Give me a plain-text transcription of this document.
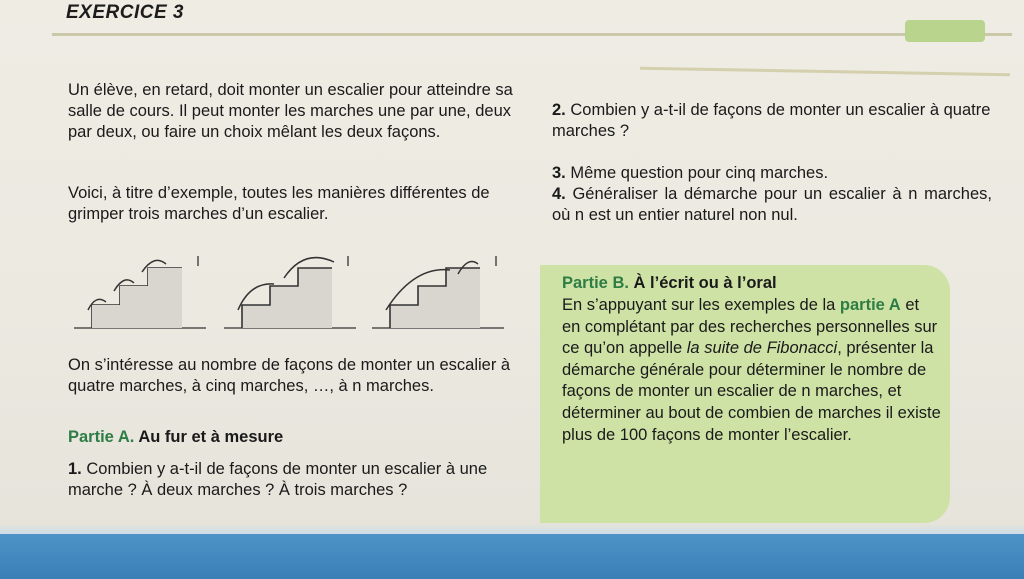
EXERCICE 3

Un élève, en retard, doit monter un escalier pour atteindre sa salle de cours. Il peut monter les marches une par une, deux par deux, ou faire un choix mêlant les deux façons.

Voici, à titre d’exemple, toutes les manières différentes de grimper trois marches d’un escalier.

On s’intéresse au nombre de façons de monter un escalier à quatre marches, à cinq marches, …, à n marches.

Partie A. Au fur et à mesure

1. Combien y a-t-il de façons de monter un escalier à une marche ? À deux marches ? À trois marches ?

2. Combien y a-t-il de façons de monter un escalier à quatre marches ?

3. Même question pour cinq marches.

4. Généraliser la démarche pour un escalier à n marches, où n est un entier naturel non nul.

Partie B. À l’écrit ou à l’oral

En s’appuyant sur les exemples de la partie A et en complétant par des recherches personnelles sur ce qu’on appelle la suite de Fibonacci, présenter la démarche générale pour déterminer le nombre de façons de monter un escalier de n marches, et déterminer au bout de combien de marches il existe plus de 100 façons de monter l’escalier.
